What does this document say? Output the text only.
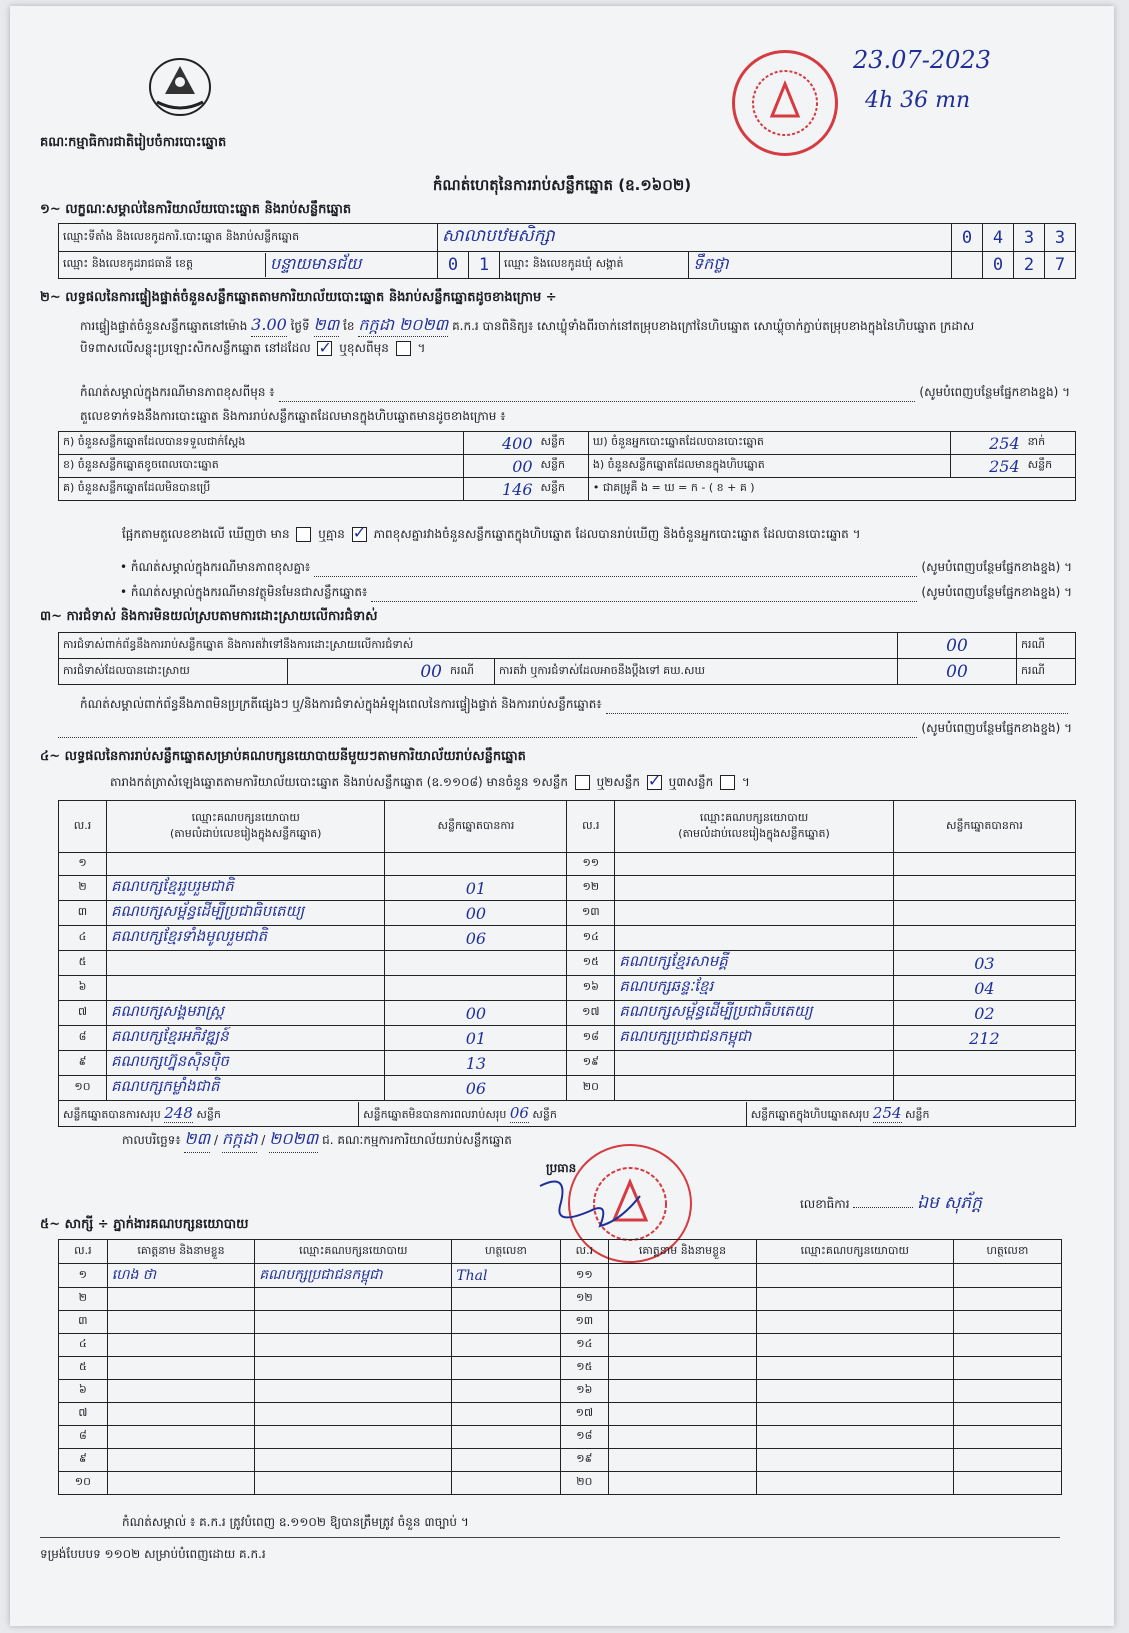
គណៈកម្មាធិការជាតិរៀបចំការបោះឆ្នោត
23.07-2023
4h 36 mn
កំណត់ហេតុនៃការរាប់សន្លឹកឆ្នោត (ឧ.១៦០២)
១~ លក្ខណៈសម្គាល់នៃការិយាល័យបោះឆ្នោត និងរាប់សន្លឹកឆ្នោត
ឈ្មោះទីតាំង និងលេខកូដការិ.បោះឆ្នោត និងរាប់សន្លឹកឆ្នោត	សាលាបឋមសិក្សា				0	4	3	3

ឈ្មោះ និងលេខកូដរាជធានី ខេត្ត បន្ទាយមានជ័យ	0	1	ឈ្មោះ និងលេខកូដឃុំ សង្កាត់	ទឹកថ្លា		0	2	7
២~ លទ្ធផលនៃការផ្ទៀងផ្ទាត់ចំនួនសន្លឹកឆ្នោតតាមការិយាល័យបោះឆ្នោត និងរាប់សន្លឹកឆ្នោតដូចខាងក្រោម ÷
ការផ្ទៀងផ្ទាត់ចំនួនសន្លឹកឆ្នោតនៅម៉ោង 3.00 ថ្ងៃទី ២៣ ខែ កក្កដា ២០២៣ គ.ក.រ បានពិនិត្យ៖ សោឃ្លុំទាំងពីរចាក់នៅតម្រុបខាងក្រៅនៃហិបឆ្នោត សោឃ្លុំចាក់ភ្ជាប់តម្រុបខាងក្នុងនៃហិបឆ្នោត ក្រដាសបិទពាសលើសន្លុះប្រឡោះសិកសន្លឹកឆ្នោត នៅដដែល ✓ ឬខុសពីមុន  ។
កំណត់សម្គាល់ក្នុងករណីមានភាពខុសពីមុន ៖	(សូមបំពេញបន្ថែមផ្នែកខាងខ្នង) ។
តួលេខទាក់ទងនឹងការបោះឆ្នោត និងការរាប់សន្លឹកឆ្នោតដែលមានក្នុងហិបឆ្នោតមានដូចខាងក្រោម ៖
ក) ចំនួនសន្លឹកឆ្នោតដែលបានទទួលជាក់ស្ដែង	400	សន្លឹក	ឃ) ចំនួនអ្នកបោះឆ្នោតដែលបានបោះឆ្នោត	254	នាក់
ខ) ចំនួនសន្លឹកឆ្នោតខូចពេលបោះឆ្នោត	00	សន្លឹក	ង) ចំនួនសន្លឹកឆ្នោតដែលមានក្នុងហិបឆ្នោត	254	សន្លឹក
គ) ចំនួនសន្លឹកឆ្នោតដែលមិនបានប្រើ	146	សន្លឹក	• ជាគម្រូគឺ ង = ឃ = ក - ( ខ + គ )		
ផ្អែកតាមតួលេខខាងលើ ឃើញថា មាន ឬគ្មាន ✓ ភាពខុសគ្នារវាងចំនួនសន្លឹកឆ្នោតក្នុងហិបឆ្នោត ដែលបានរាប់ឃើញ និងចំនួនអ្នកបោះឆ្នោត ដែលបានបោះឆ្នោត ។
• កំណត់សម្គាល់ក្នុងករណីមានភាពខុសគ្នា៖	(សូមបំពេញបន្ថែមផ្នែកខាងខ្នង) ។
• កំណត់សម្គាល់ក្នុងករណីមានវត្ថុមិនមែនជាសន្លឹកឆ្នោត៖	(សូមបំពេញបន្ថែមផ្នែកខាងខ្នង) ។
៣~ ការជំទាស់ និងការមិនយល់ស្របតាមការដោះស្រាយលើការជំទាស់
ការជំទាស់ពាក់ព័ន្ធនឹងការរាប់សន្លឹកឆ្នោត និងការតវ៉ាទៅនឹងការដោះស្រាយលើការជំទាស់				00	ករណី
ការជំទាស់ដែលបានដោះស្រាយ	00	ករណី	ការតវ៉ា ឬការជំទាស់ដែលអាចនឹងប្ដឹងទៅ គឃ.សឃ	00	ករណី
កំណត់សម្គាល់ពាក់ព័ន្ធនឹងភាពមិនប្រក្រតីផ្សេងៗ ឬ/និងការជំទាស់ក្នុងអំឡុងពេលនៃការផ្ទៀងផ្ទាត់ និងការរាប់សន្លឹកឆ្នោត៖
(សូមបំពេញបន្ថែមផ្នែកខាងខ្នង) ។
៤~ លទ្ធផលនៃការរាប់សន្លឹកឆ្នោតសម្រាប់គណបក្សនយោបាយនីមួយៗតាមការិយាល័យរាប់សន្លឹកឆ្នោត
តារាងកត់ត្រាសំឡេងឆ្នោតតាមការិយាល័យបោះឆ្នោត និងរាប់សន្លឹកឆ្នោត (ឧ.១១០៨) មានចំនួន ១សន្លឹក ឬ២សន្លឹក ✓ ឬ៣សន្លឹក  ។
ល.រ	ឈ្មោះគណបក្សនយោបាយ
(តាមលំដាប់លេខរៀងក្នុងសន្លឹកឆ្នោត)	សន្លឹកឆ្នោតបានការ	ល.រ	ឈ្មោះគណបក្សនយោបាយ
(តាមលំដាប់លេខរៀងក្នុងសន្លឹកឆ្នោត)	សន្លឹកឆ្នោតបានការ
១			១១		
២	គណបក្សខ្មែររួបរួមជាតិ	01	១២		
៣	គណបក្សសម្ព័ន្ធដើម្បីប្រជាធិបតេយ្យ	00	១៣		
៤	គណបក្សខ្មែរទាំងមូលរួមជាតិ	06	១៤		
៥			១៥	គណបក្សខ្មែរសាមគ្គី	03
៦			១៦	គណបក្សឆន្ទៈខ្មែរ	04
៧	គណបក្សសង្គមរាស្ត្រ	00	១៧	គណបក្សសម្ព័ន្ធដើម្បីប្រជាធិបតេយ្យ	02
៨	គណបក្សខ្មែរអភិវឌ្ឍន៍	01	១៨	គណបក្សប្រជាជនកម្ពុជា	212
៩	គណបក្សហ្វ៊ុនស៊ិនប៉ិច	13	១៩		
១០	គណបក្សកម្លាំងជាតិ	06	២០		

សន្លឹកឆ្នោតបានការសរុប 248 សន្លឹក សន្លឹកឆ្នោតមិនបានការពលរាប់សរុប 06 សន្លឹក សន្លឹកឆ្នោតក្នុងហិបឆ្នោតសរុប 254 សន្លឹក					
កាលបរិច្ឆេទ៖ ២៣ / កក្កដា / ២០២៣ ជ. គណៈកម្មការការិយាល័យរាប់សន្លឹកឆ្នោត
ប្រធាន
លេខាធិការ	ឯម សុភ័ក្ត
៥~ សាក្សី ÷ ភ្នាក់ងារគណបក្សនយោបាយ
ល.រ	គោត្តនាម និងនាមខ្លួន	ឈ្មោះគណបក្សនយោបាយ	ហត្ថលេខា	ល.រ	គោត្តនាម និងនាមខ្លួន	ឈ្មោះគណបក្សនយោបាយ	ហត្ថលេខា
១	ហេង ថា	គណបក្សប្រជាជនកម្ពុជា	Thal	១១			
២				១២			
៣				១៣			
៤				១៤			
៥				១៥			
៦				១៦			
៧				១៧			
៨				១៨			
៩				១៩			
១០				២០			
កំណត់សម្គាល់ ៖ គ.ក.រ ត្រូវបំពេញ ឧ.១១០២ ឱ្យបានត្រឹមត្រូវ ចំនួន ៣ច្បាប់ ។
ទម្រង់បែបបទ ១១០២ សម្រាប់បំពេញដោយ គ.ក.រ
